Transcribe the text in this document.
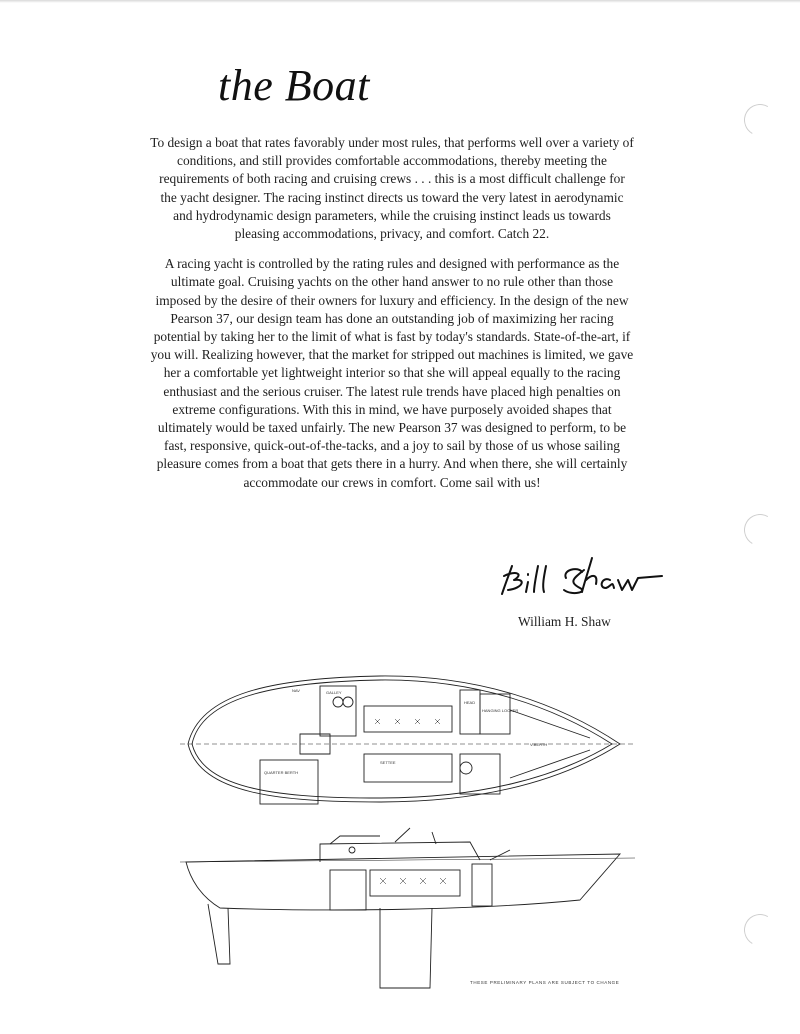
the Boat

To design a boat that rates favorably under most rules, that performs well over a variety of conditions, and still provides comfortable accommodations, thereby meeting the requirements of both racing and cruising crews . . . this is a most difficult challenge for the yacht designer. The racing instinct directs us toward the very latest in aerodynamic and hydrodynamic design parameters, while the cruising instinct leads us towards pleasing accommodations, privacy, and comfort. Catch 22.

A racing yacht is controlled by the rating rules and designed with performance as the ultimate goal. Cruising yachts on the other hand answer to no rule other than those imposed by the desire of their owners for luxury and efficiency. In the design of the new Pearson 37, our design team has done an outstanding job of maximizing her racing potential by taking her to the limit of what is fast by today's standards. State-of-the-art, if you will. Realizing however, that the market for stripped out machines is limited, we gave her a comfortable yet lightweight interior so that she will appeal equally to the racing enthusiast and the serious cruiser. The latest rule trends have placed high penalties on extreme configurations. With this in mind, we have purposely avoided shapes that ultimately would be taxed unfairly. The new Pearson 37 was designed to perform, to be fast, responsive, quick-out-of-the-tacks, and a joy to sail by those of us whose sailing pleasure comes from a boat that gets there in a hurry. And when there, she will certainly accommodate our crews in comfort. Come sail with us!

William H. Shaw
GALLEY
NAV
HEAD
V-BERTH
SETTEE
QUARTER BERTH
HANGING LOCKER
THESE PRELIMINARY PLANS ARE SUBJECT TO CHANGE
